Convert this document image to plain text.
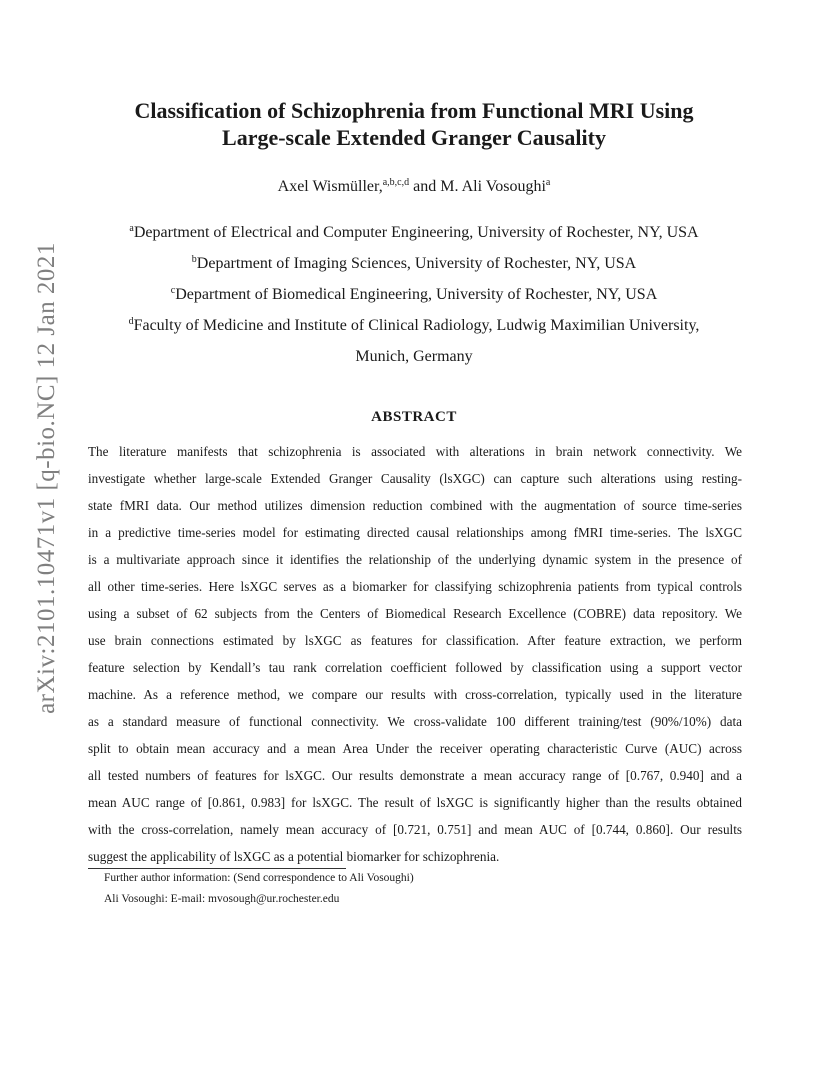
arXiv:2101.10471v1 [q-bio.NC] 12 Jan 2021
Classification of Schizophrenia from Functional MRI Using
Large-scale Extended Granger Causality
Axel Wismüller,$^{a,b,c,d}$ and M. Ali Vosoughi$^a$
$^a$Department of Electrical and Computer Engineering, University of Rochester, NY, USA
$^b$Department of Imaging Sciences, University of Rochester, NY, USA
$^c$Department of Biomedical Engineering, University of Rochester, NY, USA
$^d$Faculty of Medicine and Institute of Clinical Radiology, Ludwig Maximilian University,
Munich, Germany
ABSTRACT
The literature manifests that schizophrenia is associated with alterations in brain network connectivity. We
investigate whether large-scale Extended Granger Causality (lsXGC) can capture such alterations using resting-
state fMRI data. Our method utilizes dimension reduction combined with the augmentation of source time-series
in a predictive time-series model for estimating directed causal relationships among fMRI time-series. The lsXGC
is a multivariate approach since it identifies the relationship of the underlying dynamic system in the presence of
all other time-series. Here lsXGC serves as a biomarker for classifying schizophrenia patients from typical controls
using a subset of 62 subjects from the Centers of Biomedical Research Excellence (COBRE) data repository. We
use brain connections estimated by lsXGC as features for classification. After feature extraction, we perform
feature selection by Kendall’s tau rank correlation coefficient followed by classification using a support vector
machine. As a reference method, we compare our results with cross-correlation, typically used in the literature
as a standard measure of functional connectivity. We cross-validate 100 different training/test (90%/10%) data
split to obtain mean accuracy and a mean Area Under the receiver operating characteristic Curve (AUC) across
all tested numbers of features for lsXGC. Our results demonstrate a mean accuracy range of [0.767, 0.940] and a
mean AUC range of [0.861, 0.983] for lsXGC. The result of lsXGC is significantly higher than the results obtained
with the cross-correlation, namely mean accuracy of [0.721, 0.751] and mean AUC of [0.744, 0.860]. Our results
suggest the applicability of lsXGC as a potential biomarker for schizophrenia.
Further author information: (Send correspondence to Ali Vosoughi)
Ali Vosoughi: E-mail: mvosough@ur.rochester.edu
